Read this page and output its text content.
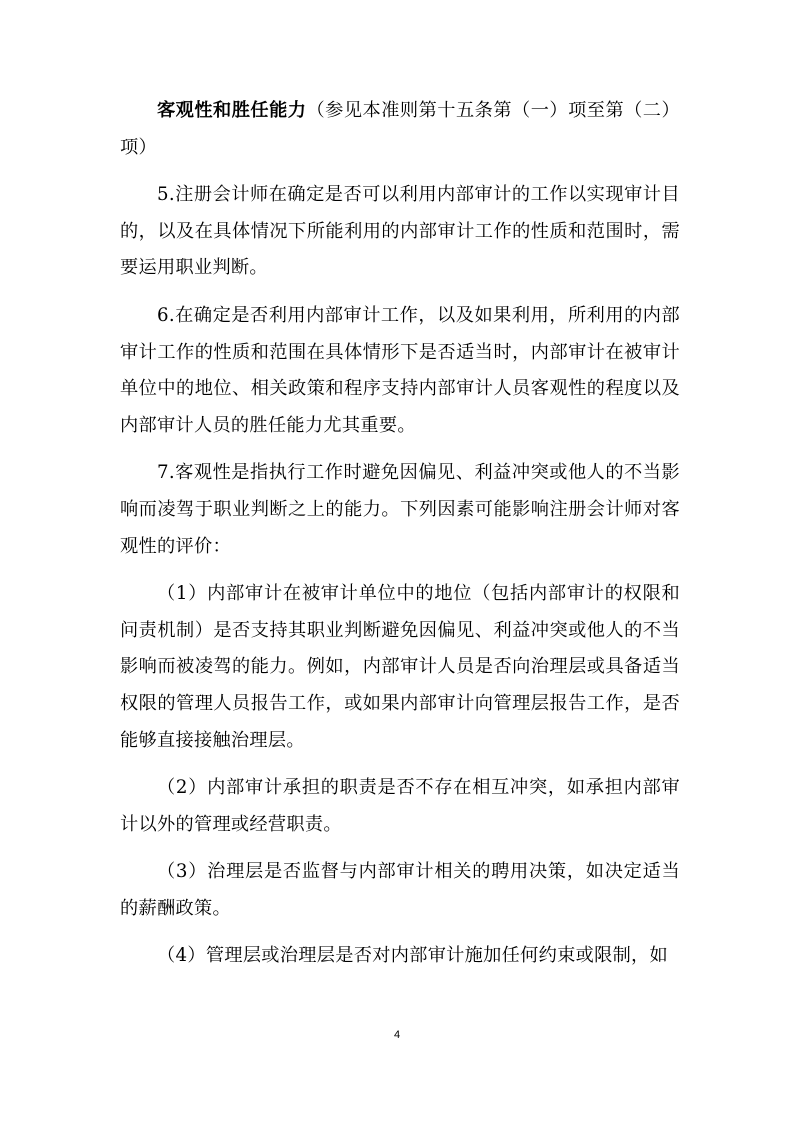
客观性和胜任能力（参见本准则第十五条第（一）项至第（二）项）

5.注册会计师在确定是否可以利用内部审计的工作以实现审计目的，以及在具体情况下所能利用的内部审计工作的性质和范围时，需要运用职业判断。

6.在确定是否利用内部审计工作，以及如果利用，所利用的内部审计工作的性质和范围在具体情形下是否适当时，内部审计在被审计单位中的地位、相关政策和程序支持内部审计人员客观性的程度以及内部审计人员的胜任能力尤其重要。

7.客观性是指执行工作时避免因偏见、利益冲突或他人的不当影响而凌驾于职业判断之上的能力。下列因素可能影响注册会计师对客观性的评价：

（1）内部审计在被审计单位中的地位（包括内部审计的权限和问责机制）是否支持其职业判断避免因偏见、利益冲突或他人的不当影响而被凌驾的能力。例如，内部审计人员是否向治理层或具备适当权限的管理人员报告工作，或如果内部审计向管理层报告工作，是否能够直接接触治理层。

（2）内部审计承担的职责是否不存在相互冲突，如承担内部审计以外的管理或经营职责。

（3）治理层是否监督与内部审计相关的聘用决策，如决定适当的薪酬政策。

（4）管理层或治理层是否对内部审计施加任何约束或限制，如

4
